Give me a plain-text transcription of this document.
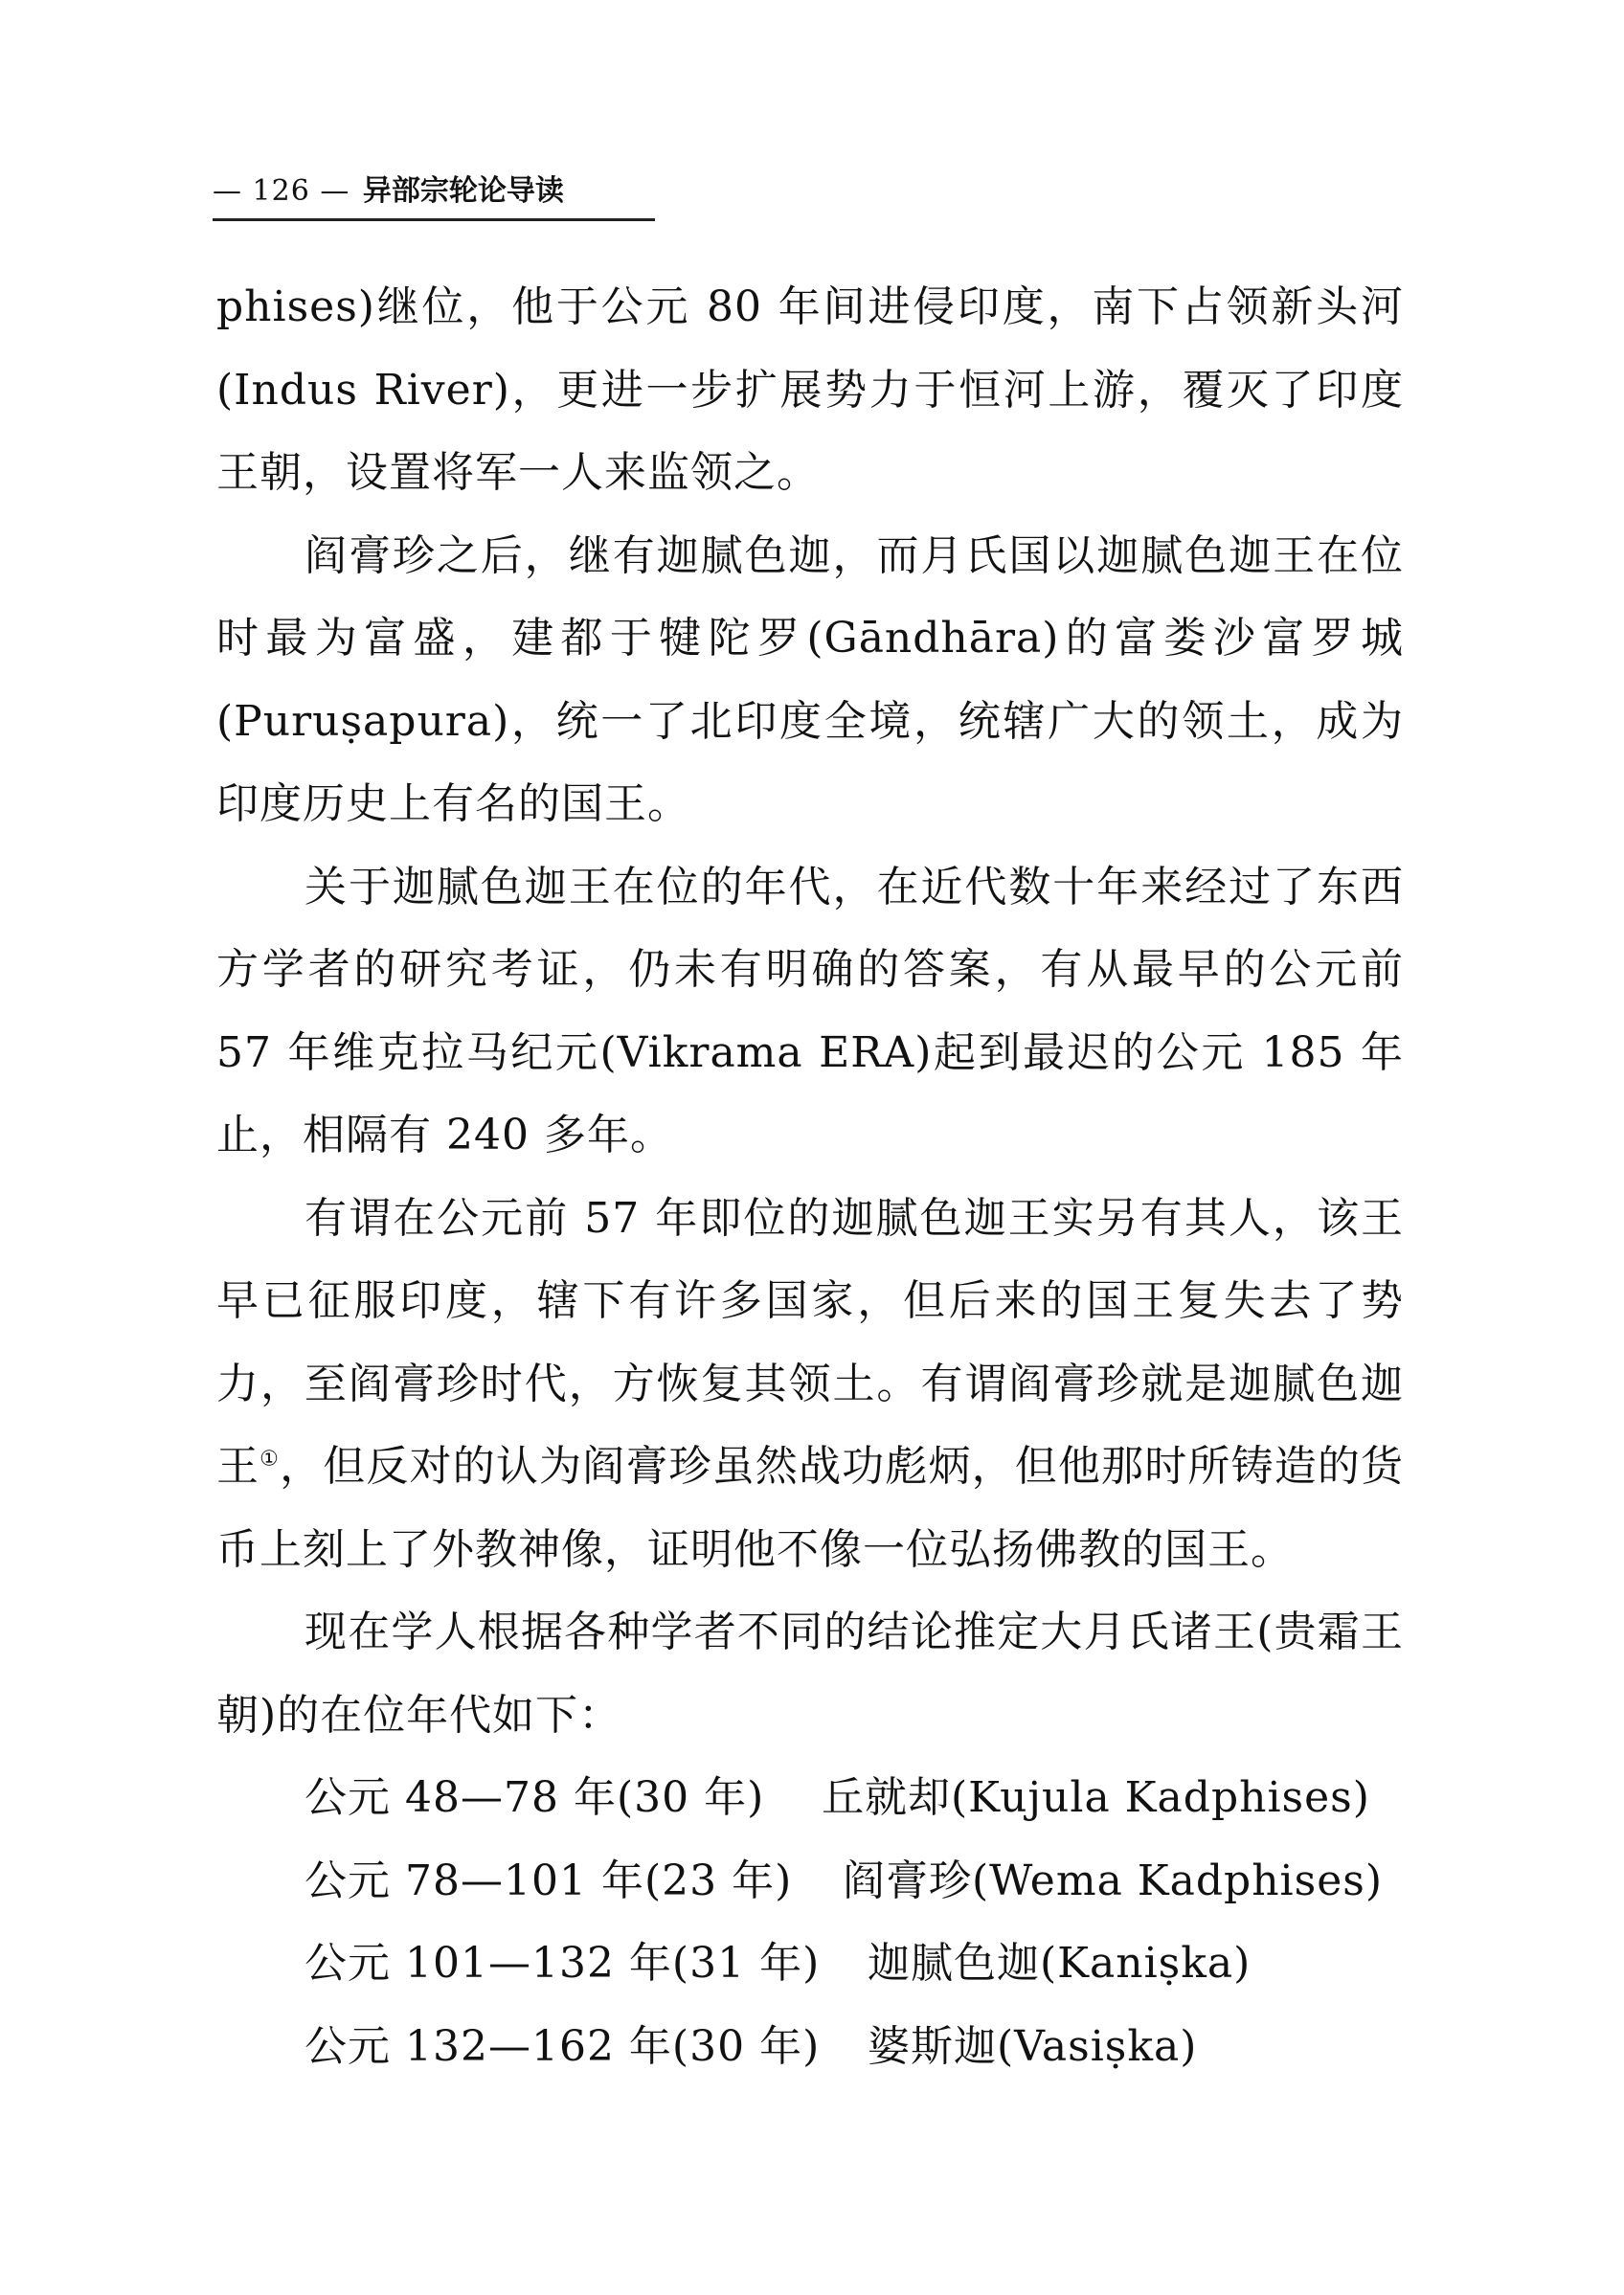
— 126 — 异部宗轮论导读

phises)继位，他于公元 80 年间进侵印度，南下占领新头河(Indus River)，更进一步扩展势力于恒河上游，覆灭了印度王朝，设置将军一人来监领之。

阎膏珍之后，继有迦腻色迦，而月氏国以迦腻色迦王在位时最为富盛，建都于犍陀罗(Gāndhāra)的富娄沙富罗城(Puruṣapura)，统一了北印度全境，统辖广大的领土，成为印度历史上有名的国王。

关于迦腻色迦王在位的年代，在近代数十年来经过了东西方学者的研究考证，仍未有明确的答案，有从最早的公元前 57 年维克拉马纪元(Vikrama ERA)起到最迟的公元 185 年止，相隔有 240 多年。

有谓在公元前 57 年即位的迦腻色迦王实另有其人，该王早已征服印度，辖下有许多国家，但后来的国王复失去了势力，至阎膏珍时代，方恢复其领土。有谓阎膏珍就是迦腻色迦王①，但反对的认为阎膏珍虽然战功彪炳，但他那时所铸造的货币上刻上了外教神像，证明他不像一位弘扬佛教的国王。

现在学人根据各种学者不同的结论推定大月氏诸王(贵霜王朝)的在位年代如下：

公元 48—78 年(30 年) 丘就却(Kujula Kadphises)
公元 78—101 年(23 年) 阎膏珍(Wema Kadphises)
公元 101—132 年(31 年) 迦腻色迦(Kaniṣka)
公元 132—162 年(30 年) 婆斯迦(Vasiṣka)
